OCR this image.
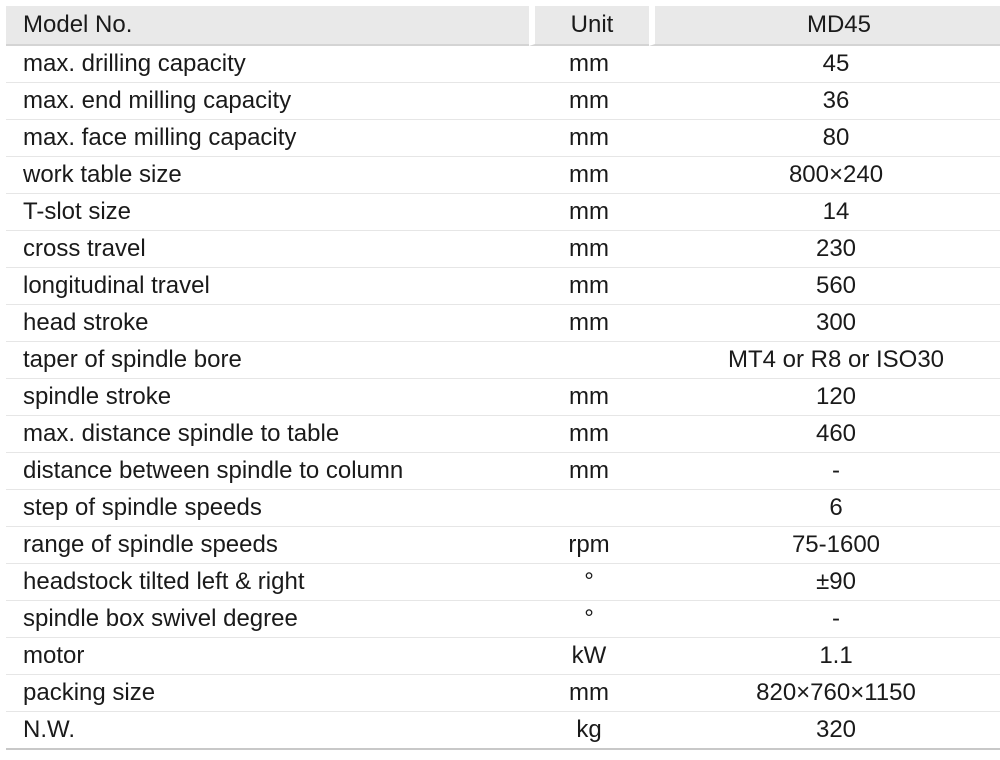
Model No.	Unit	MD45
max. drilling capacity	mm	45
max. end milling capacity	mm	36
max. face milling capacity	mm	80
work table size	mm	800×240
T-slot size	mm	14
cross travel	mm	230
longitudinal travel	mm	560
head stroke	mm	300
taper of spindle bore		MT4 or R8 or ISO30
spindle stroke	mm	120
max. distance spindle to table	mm	460
distance between spindle to column	mm	-
step of spindle speeds		6
range of spindle speeds	rpm	75-1600
headstock tilted left & right	°	±90
spindle box swivel degree	°	-
motor	kW	1.1
packing size	mm	820×760×1150
N.W.	kg	320
